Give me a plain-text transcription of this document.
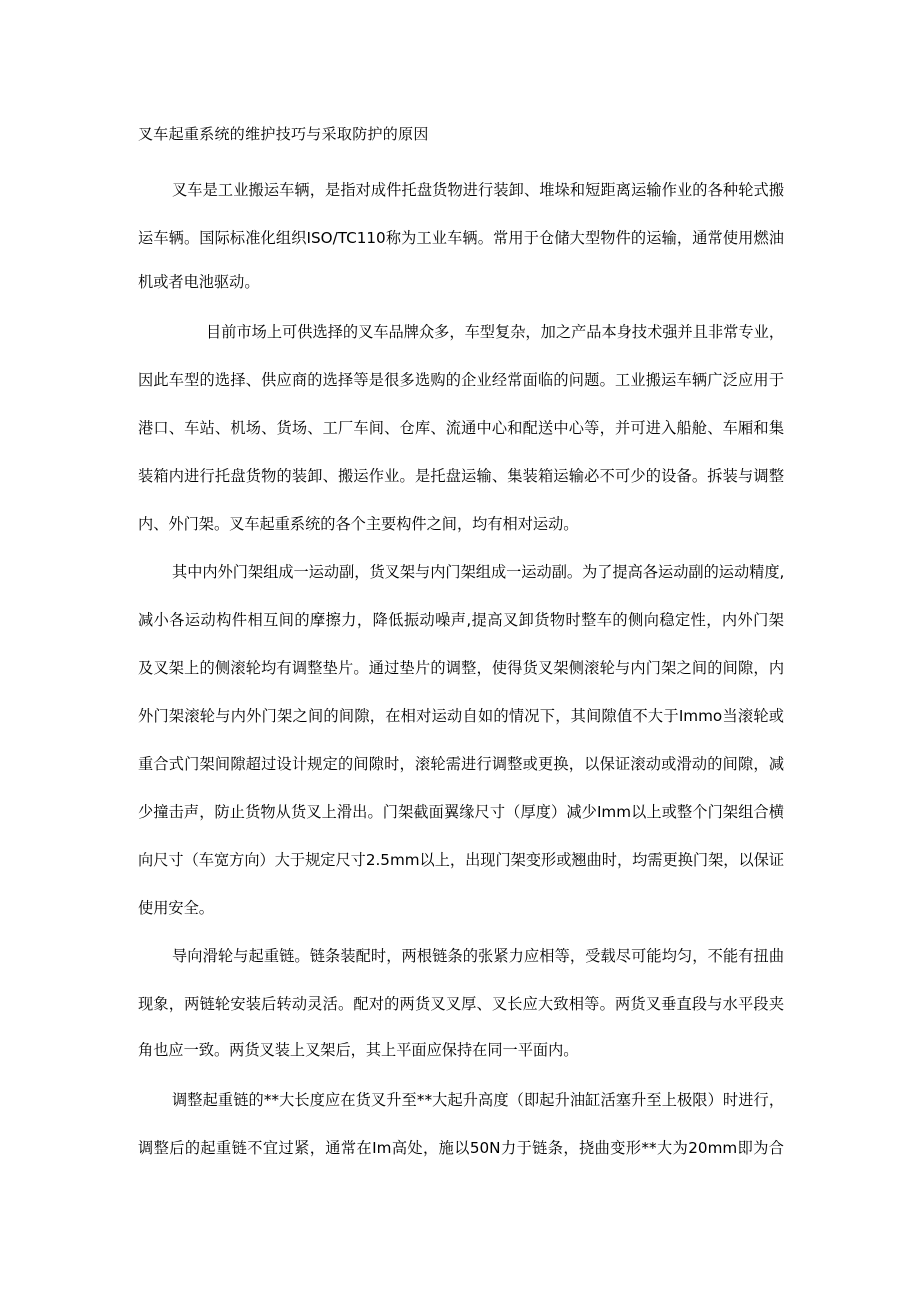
叉车起重系统的维护技巧与采取防护的原因

叉车是工业搬运车辆，是指对成件托盘货物进行装卸、堆垛和短距离运输作业的各种轮式搬

运车辆。国际标准化组织ISO/TC110称为工业车辆。常用于仓储大型物件的运输，通常使用燃油

机或者电池驱动。

目前市场上可供选择的叉车品牌众多，车型复杂，加之产品本身技术强并且非常专业，

因此车型的选择、供应商的选择等是很多选购的企业经常面临的问题。工业搬运车辆广泛应用于

港口、车站、机场、货场、工厂车间、仓库、流通中心和配送中心等，并可进入船舱、车厢和集

装箱内进行托盘货物的装卸、搬运作业。是托盘运输、集装箱运输必不可少的设备。拆装与调整

内、外门架。叉车起重系统的各个主要构件之间，均有相对运动。

其中内外门架组成一运动副，货叉架与内门架组成一运动副。为了提高各运动副的运动精度,

减小各运动构件相互间的摩擦力，降低振动噪声,提高叉卸货物时整车的侧向稳定性，内外门架

及叉架上的侧滚轮均有调整垫片。通过垫片的调整，使得货叉架侧滚轮与内门架之间的间隙，内

外门架滚轮与内外门架之间的间隙，在相对运动自如的情况下，其间隙值不大于Immo当滚轮或

重合式门架间隙超过设计规定的间隙时，滚轮需进行调整或更换，以保证滚动或滑动的间隙，减

少撞击声，防止货物从货叉上滑出。门架截面翼缘尺寸（厚度）减少Imm以上或整个门架组合横

向尺寸（车宽方向）大于规定尺寸2.5mm以上，出现门架变形或翘曲时，均需更换门架，以保证

使用安全。

导向滑轮与起重链。链条装配时，两根链条的张紧力应相等，受载尽可能均匀，不能有扭曲

现象，两链轮安装后转动灵活。配对的两货叉叉厚、叉长应大致相等。两货叉垂直段与水平段夹

角也应一致。两货叉装上叉架后，其上平面应保持在同一平面内。

调整起重链的**大长度应在货叉升至**大起升高度（即起升油缸活塞升至上极限）时进行，

调整后的起重链不宜过紧，通常在Im高处，施以50N力于链条，挠曲变形**大为20mm即为合
